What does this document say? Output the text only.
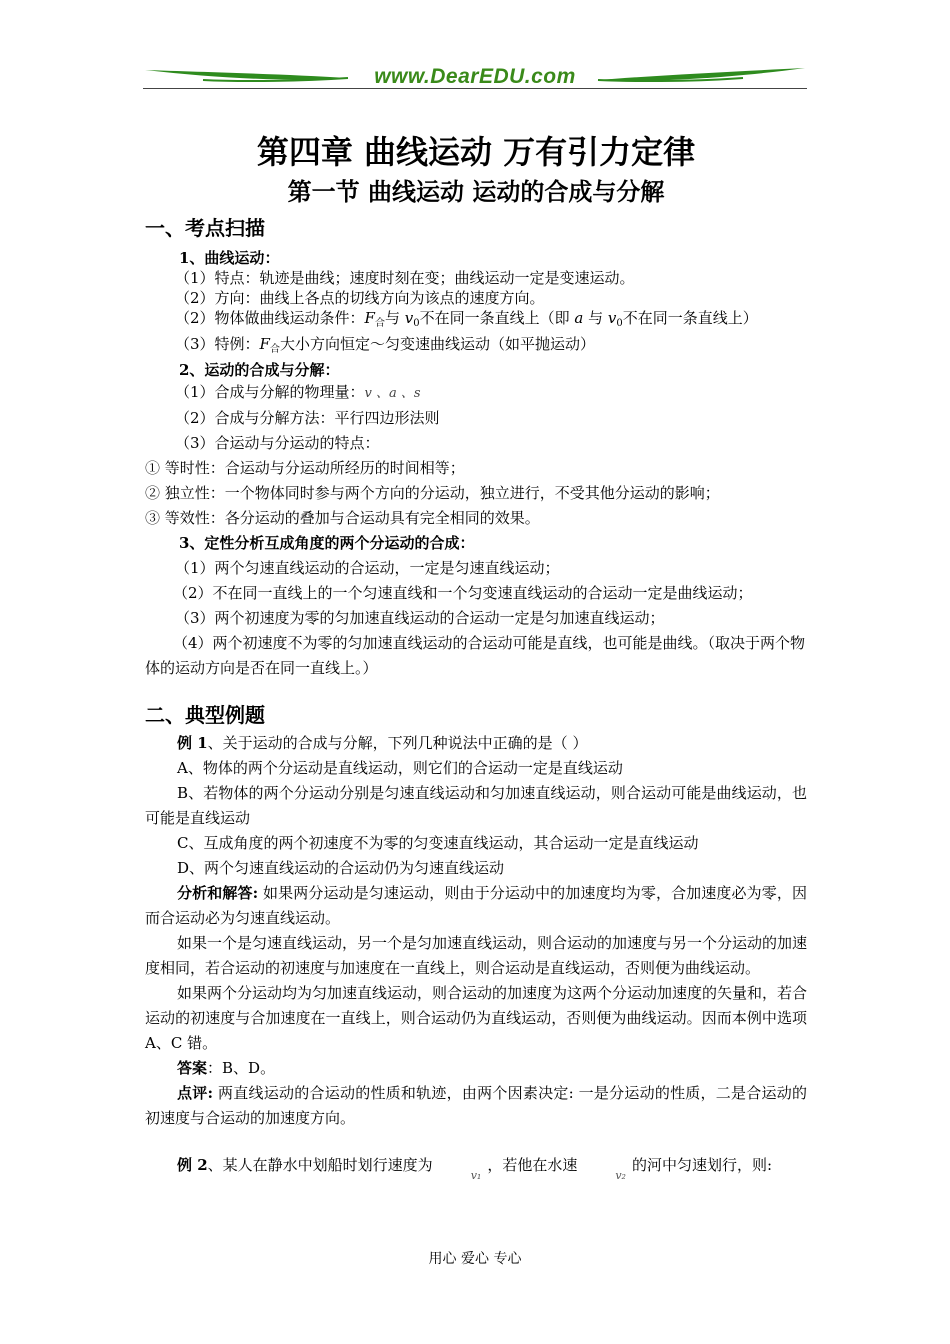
www.DearEDU.com
第四章 曲线运动 万有引力定律
第一节 曲线运动 运动的合成与分解
一、考点扫描

1、曲线运动：

（1）特点：轨迹是曲线；速度时刻在变；曲线运动一定是变速运动。

（2）方向：曲线上各点的切线方向为该点的速度方向。

（2）物体做曲线运动条件：$F_合$与 $v_0$不在同一条直线上（即 a 与 $v_0$不在同一条直线上）

（3）特例：$F_合$大小方向恒定～匀变速曲线运动（如平抛运动）

2、运动的合成与分解：

（1）合成与分解的物理量：v 、a 、s

（2）合成与分解方法：平行四边形法则

（3）合运动与分运动的特点：

① 等时性：合运动与分运动所经历的时间相等；

② 独立性：一个物体同时参与两个方向的分运动，独立进行，不受其他分运动的影响；

③ 等效性：各分运动的叠加与合运动具有完全相同的效果。

3、定性分析互成角度的两个分运动的合成：

（1）两个匀速直线运动的合运动，一定是匀速直线运动；

（2）不在同一直线上的一个匀速直线和一个匀变速直线运动的合运动一定是曲线运动；

（3）两个初速度为零的匀加速直线运动的合运动一定是匀加速直线运动；

（4）两个初速度不为零的匀加速直线运动的合运动可能是直线，也可能是曲线。（取决于两个物体的运动方向是否在同一直线上。）

二、典型例题

例 1、关于运动的合成与分解，下列几种说法中正确的是（ ）

A、物体的两个分运动是直线运动，则它们的合运动一定是直线运动

B、若物体的两个分运动分别是匀速直线运动和匀加速直线运动，则合运动可能是曲线运动，也可能是直线运动

C、互成角度的两个初速度不为零的匀变速直线运动，其合运动一定是直线运动

D、两个匀速直线运动的合运动仍为匀速直线运动

分析和解答: 如果两分运动是匀速运动，则由于分运动中的加速度均为零，合加速度必为零，因而合运动必为匀速直线运动。

如果一个是匀速直线运动，另一个是匀加速直线运动，则合运动的加速度与另一个分运动的加速度相同，若合运动的初速度与加速度在一直线上，则合运动是直线运动，否则便为曲线运动。

如果两个分运动均为匀加速直线运动，则合运动的加速度为这两个分运动加速度的矢量和，若合运动的初速度与合加速度在一直线上，则合运动仍为直线运动，否则便为曲线运动。因而本例中选项 A、C 错。

答案：B、D。

点评: 两直线运动的合运动的性质和轨迹，由两个因素决定: 一是分运动的性质，二是合运动的初速度与合运动的加速度方向。

例 2、某人在静水中划船时划行速度为v₁，若他在水速v₂的河中匀速划行，则:

用心 爱心 专心
